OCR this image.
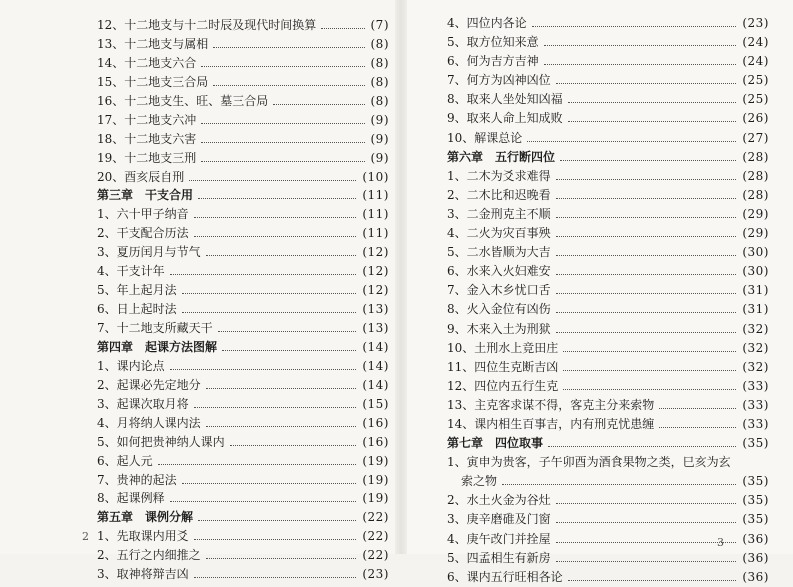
12、十二地支与十二时辰及现代时间换算	(7)
13、十二地支与属相	(8)
14、十二地支六合	(8)
15、十二地支三合局	(8)
16、十二地支生、旺、墓三合局	(8)
17、十二地支六冲	(9)
18、十二地支六害	(9)
19、十二地支三刑	(9)
20、酉亥辰自刑	(10)
第三章　干支合用	(11)
1、六十甲子纳音	(11)
2、干支配合历法	(11)
3、夏历闰月与节气	(12)
4、干支计年	(12)
5、年上起月法	(12)
6、日上起时法	(13)
7、十二地支所藏天干	(13)
第四章　起课方法图解	(14)
1、课内论点	(14)
2、起课必先定地分	(14)
3、起课次取月将	(15)
4、月将纳人课内法	(16)
5、如何把贵神纳人课内	(16)
6、起人元	(19)
7、贵神的起法	(19)
8、起课例释	(19)
第五章　课例分解	(22)
1、先取课内用爻	(22)
2、五行之内细推之	(22)
3、取神将辩吉凶	(23)
4、四位内各论	(23)
5、取方位知来意	(24)
6、何为吉方吉神	(24)
7、何方为凶神凶位	(25)
8、取来人坐处知凶福	(25)
9、取来人命上知成败	(26)
10、解课总论	(27)
第六章　五行断四位	(28)
1、二木为爻求难得	(28)
2、二木比和迟晚看	(28)
3、二金刑克主不顺	(29)
4、二火为灾百事殃	(29)
5、二水皆顺为大吉	(30)
6、水来入火妇难安	(30)
7、金入木乡忧口舌	(31)
8、火入金位有凶伤	(31)
9、木来入土为刑狱	(32)
10、土刑水上竞田庄	(32)
11、四位生克断吉凶	(32)
12、四位内五行生克	(33)
13、主克客求谋不得，客克主分来索物	(33)
14、课内相生百事吉，内有刑克忧患缠	(33)
第七章　四位取事	(35)
1、寅申为贵客，子午卯酉为酒食果物之类，巳亥为玄
索之物	(35)
2、水土火金为谷灶	(35)
3、庚辛磨碓及门窗	(35)
4、庚午改门并拴屋	(36)
5、四孟相生有新房	(36)
6、课内五行旺相各论	(36)
2	3
